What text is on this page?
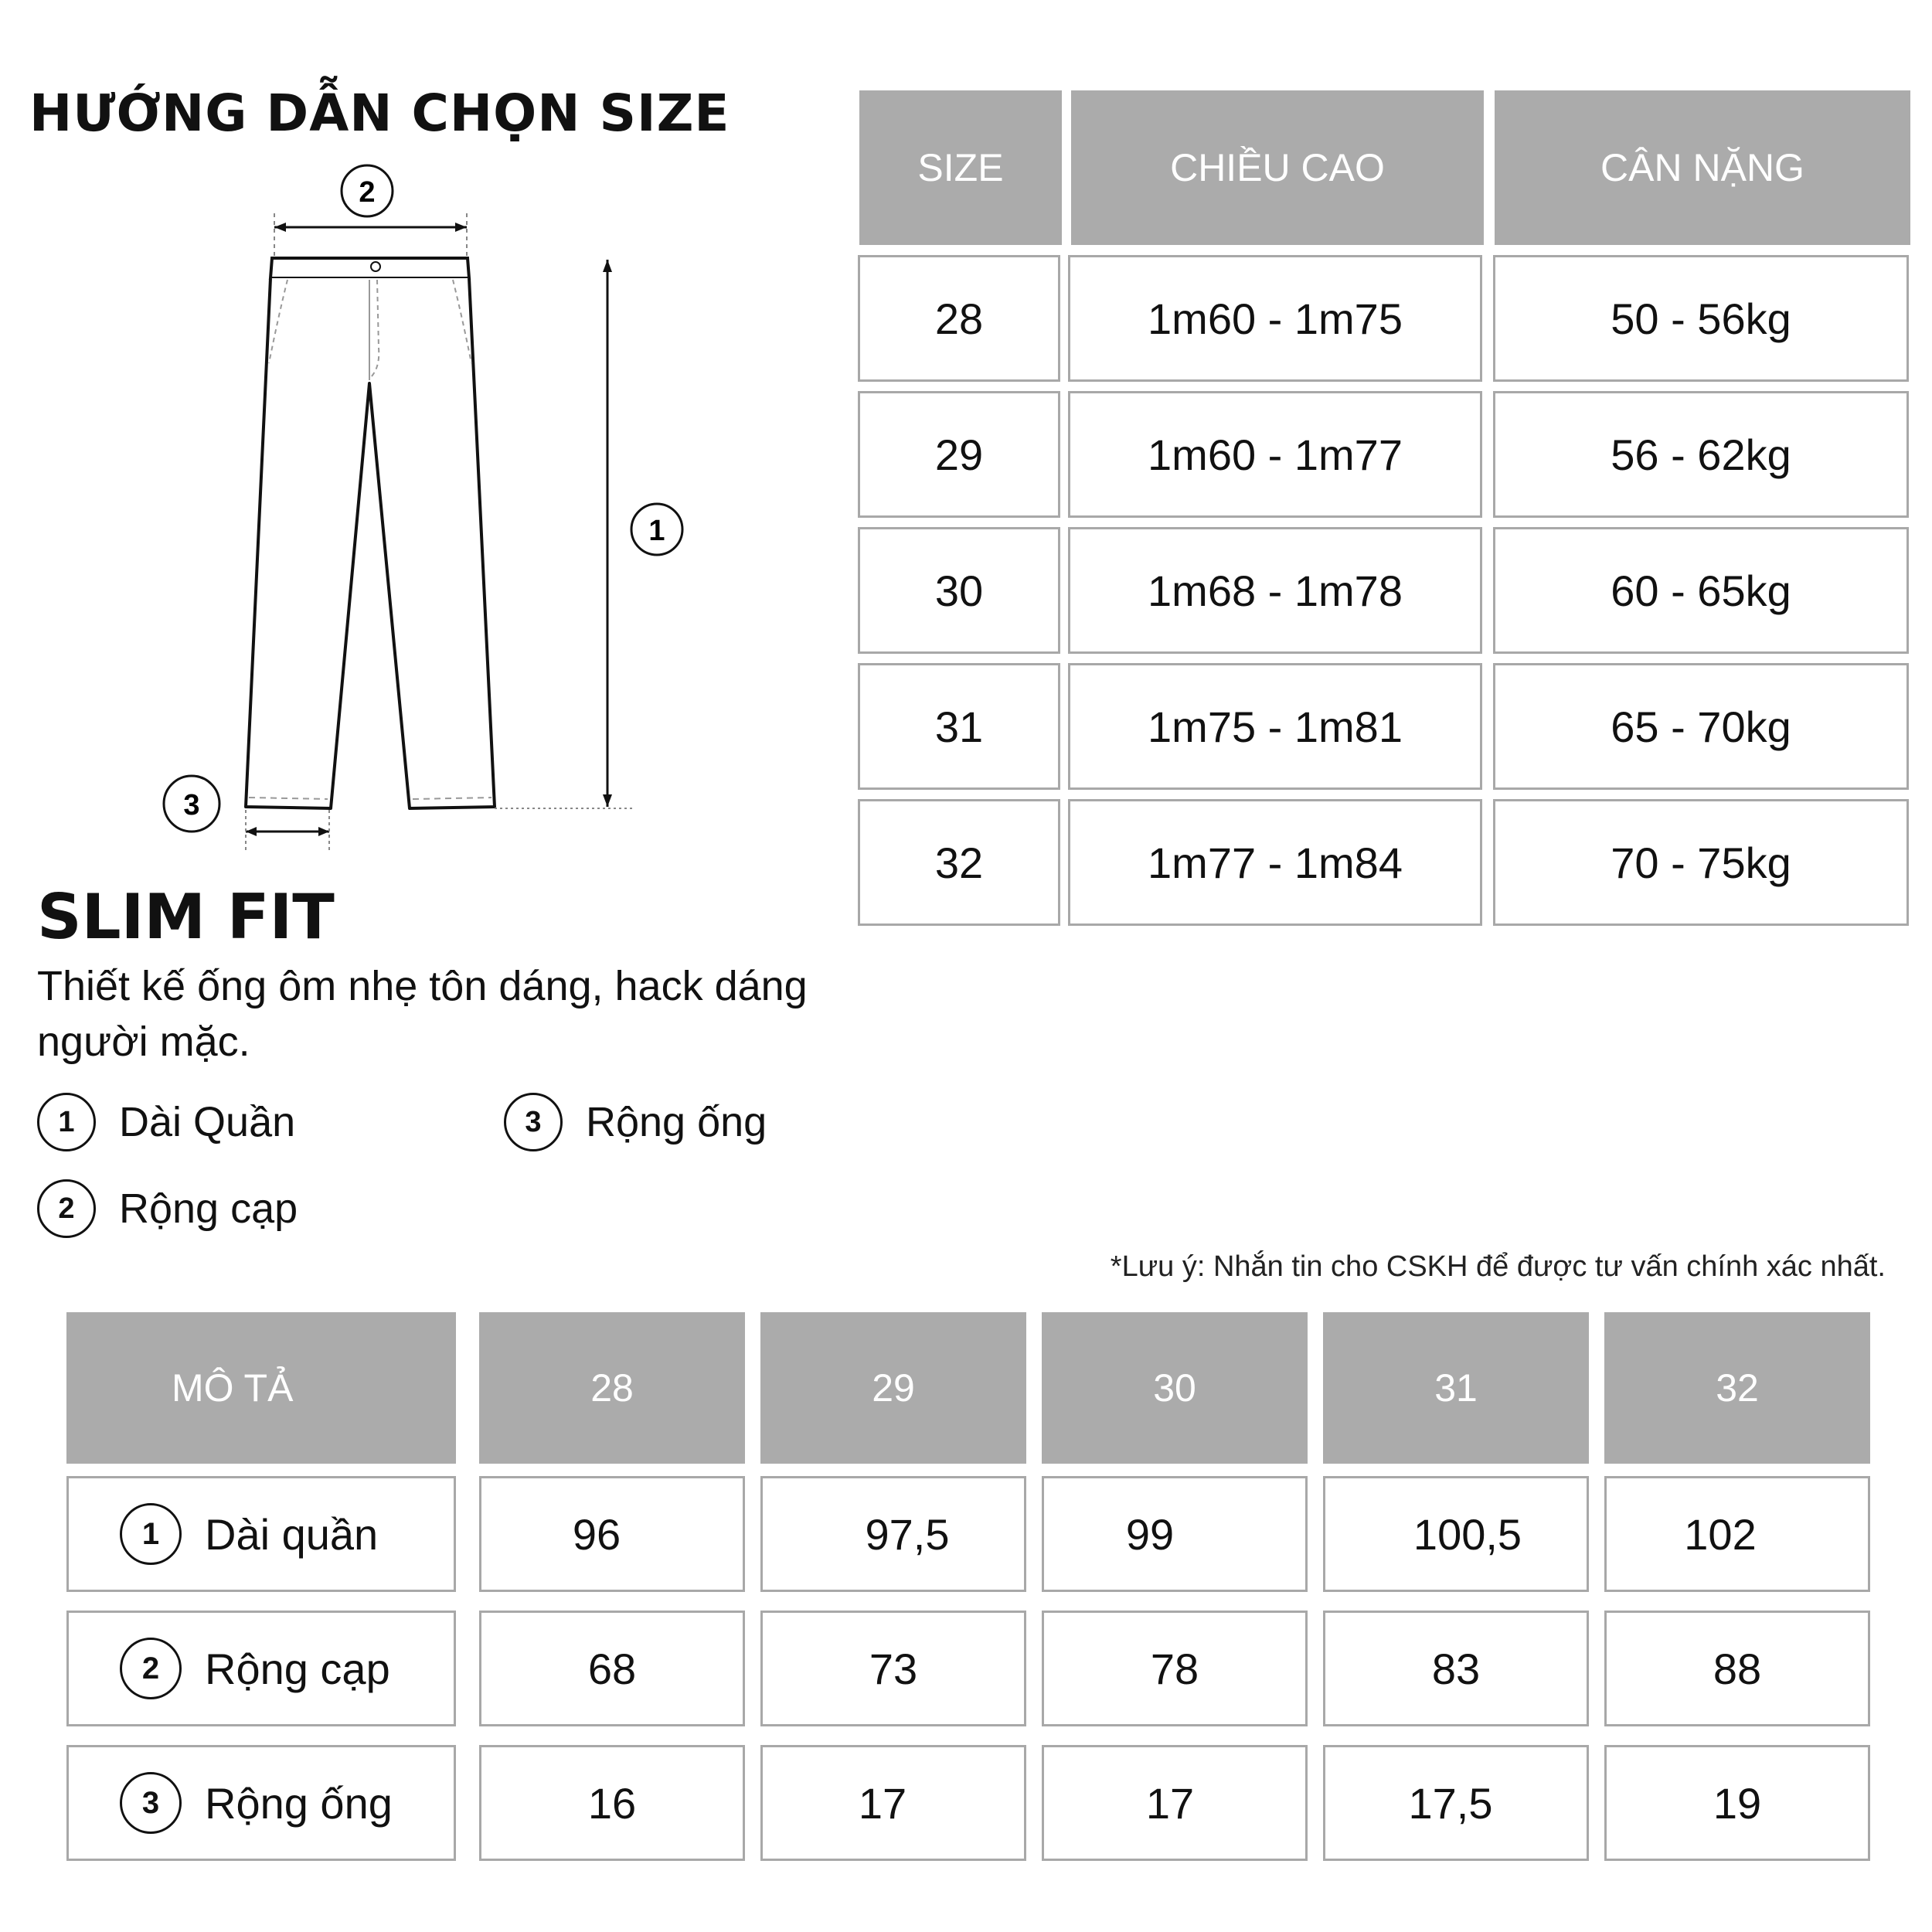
HƯỚNG DẪN CHỌN SIZE
2
1
3
SLIM FIT
Thiết kế ống ôm nhẹ tôn dáng, hack dáng người mặc.
1	Dài Quần	3	Rộng ống
2	Rộng cạp
*Lưu ý: Nhắn tin cho CSKH để được tư vấn chính xác nhất.
SIZE	CHIỀU CAO	CÂN NẶNG
28	1m60 - 1m75	50 - 56kg
29	1m60 - 1m77	56 - 62kg
30	1m68 - 1m78	60 - 65kg
31	1m75 - 1m81	65 - 70kg
32	1m77 - 1m84	70 - 75kg
MÔ TẢ	28	29	30	31	32
1	Dài quần	96	97,5	99	100,5	102
2	Rộng cạp	68	73	78	83	88
3	Rộng ống	16	17	17	17,5	19
